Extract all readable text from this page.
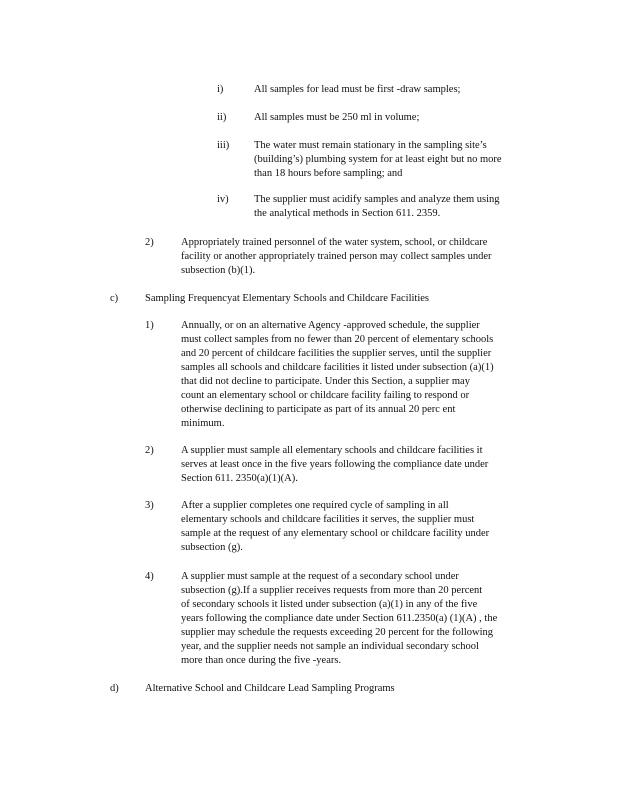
i)	All samples for lead must be first -draw samples;
ii)	All samples must be 250 ml in volume;
iii) The water must remain stationary in the sampling site’s
(building’s) plumbing system for at least eight but no more
than 18 hours before sampling; and
iv) The supplier must acidify samples and analyze them using
the analytical methods in Section 611. 2359.
2)	Appropriately trained personnel of the water system, school, or childcare
facility or another appropriately trained person may collect samples under
subsection (b)(1).
c)	Sampling Frequencyat Elementary Schools and Childcare Facilities
1)	Annually, or on an alternative Agency -approved schedule, the supplier
must collect samples from no fewer than 20 percent of elementary schools
and 20 percent of childcare facilities the supplier serves, until the supplier
samples all schools and childcare facilities it listed under subsection (a)(1)
that did not decline to participate. Under this Section, a supplier may
count an elementary school or childcare facility failing to respond or
otherwise declining to participate as part of its annual 20 perc ent
minimum.
2)	A supplier must sample all elementary schools and childcare facilities it
serves at least once in the five years following the compliance date under
Section 611. 2350(a)(1)(A).
3)	After a supplier completes one required cycle of sampling in all
elementary schools and childcare facilities it serves, the supplier must
sample at the request of any elementary school or childcare facility under
subsection (g).
4)	A supplier must sample at the request of a secondary school under
subsection (g).If a supplier receives requests from more than 20 percent
of secondary schools it listed under subsection (a)(1) in any of the five
years following the compliance date under Section 611.2350(a) (1)(A) , the
supplier may schedule the requests exceeding 20 percent for the following
year, and the supplier needs not sample an individual secondary school
more than once during the five -years.
d)	Alternative School and Childcare Lead Sampling Programs
